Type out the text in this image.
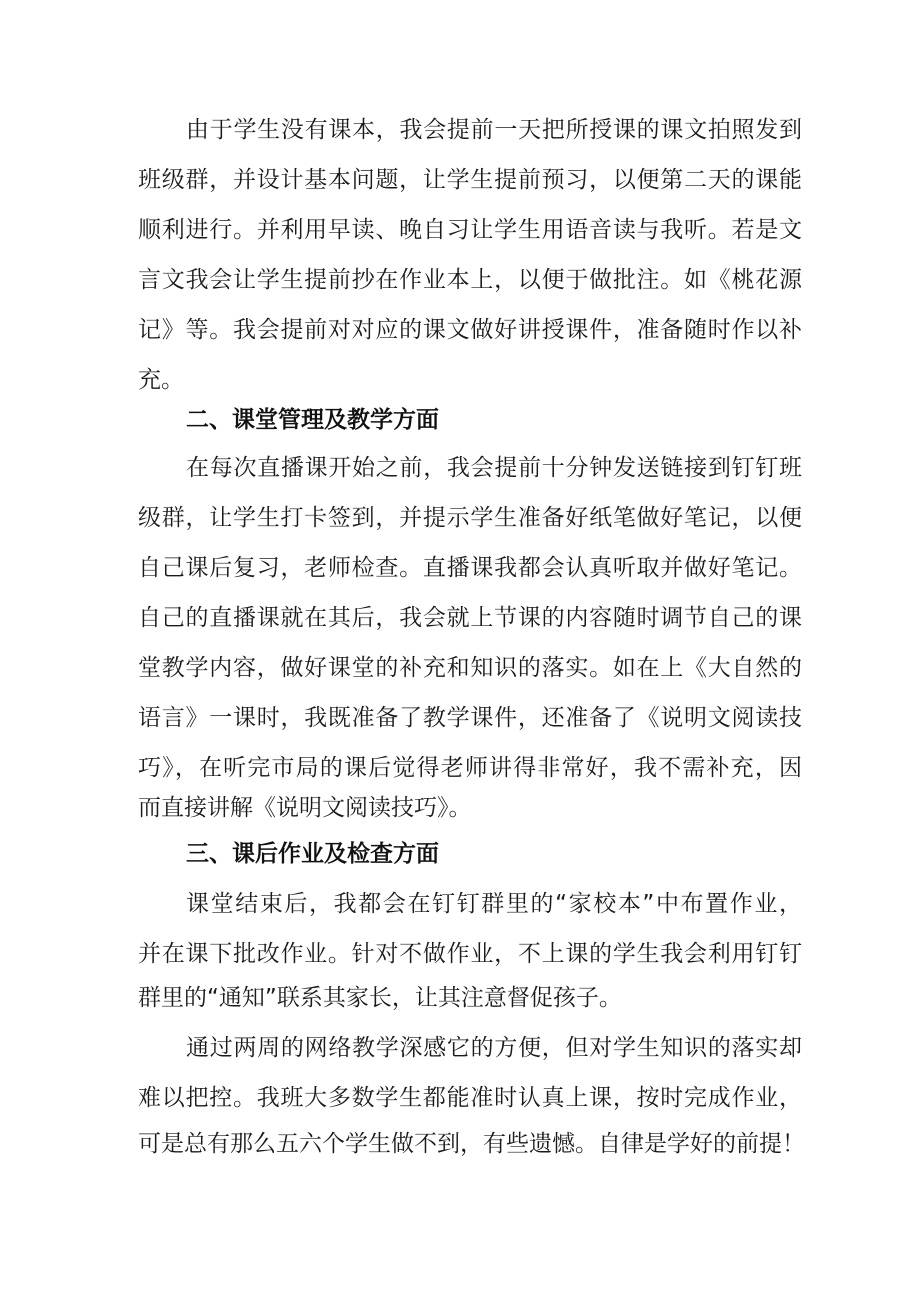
由于学生没有课本，我会提前一天把所授课的课文拍照发到
班级群，并设计基本问题，让学生提前预习，以便第二天的课能
顺利进行。并利用早读、晚自习让学生用语音读与我听。若是文
言文我会让学生提前抄在作业本上，以便于做批注。如《桃花源
记》等。我会提前对对应的课文做好讲授课件，准备随时作以补
充。
二、课堂管理及教学方面
在每次直播课开始之前，我会提前十分钟发送链接到钉钉班
级群，让学生打卡签到，并提示学生准备好纸笔做好笔记，以便
自己课后复习，老师检查。直播课我都会认真听取并做好笔记。
自己的直播课就在其后，我会就上节课的内容随时调节自己的课
堂教学内容，做好课堂的补充和知识的落实。如在上《大自然的
语言》一课时，我既准备了教学课件，还准备了《说明文阅读技
巧》，在听完市局的课后觉得老师讲得非常好，我不需补充，因
而直接讲解《说明文阅读技巧》。
三、课后作业及检查方面
课堂结束后，我都会在钉钉群里的“家校本”中布置作业，
并在课下批改作业。针对不做作业，不上课的学生我会利用钉钉
群里的“通知”联系其家长，让其注意督促孩子。
通过两周的网络教学深感它的方便，但对学生知识的落实却
难以把控。我班大多数学生都能准时认真上课，按时完成作业，
可是总有那么五六个学生做不到，有些遗憾。自律是学好的前提！
